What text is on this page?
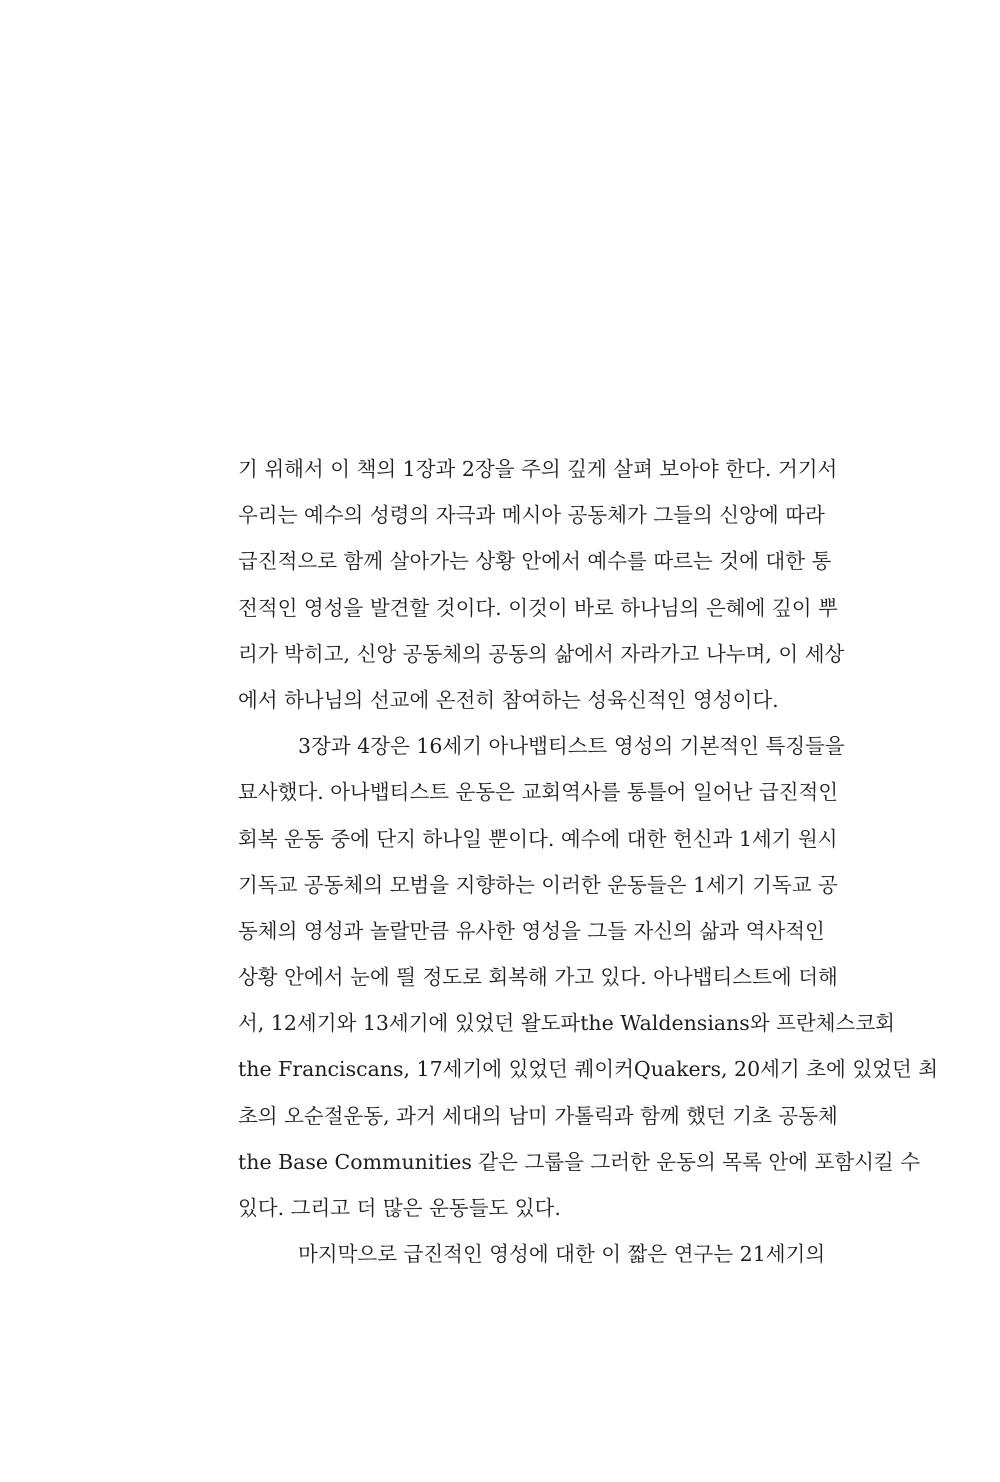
기 위해서 이 책의 1장과 2장을 주의 깊게 살펴 보아야 한다. 거기서
우리는 예수의 성령의 자극과 메시아 공동체가 그들의 신앙에 따라
급진적으로 함께 살아가는 상황 안에서 예수를 따르는 것에 대한 통
전적인 영성을 발견할 것이다. 이것이 바로 하나님의 은혜에 깊이 뿌
리가 박히고, 신앙 공동체의 공동의 삶에서 자라가고 나누며, 이 세상
에서 하나님의 선교에 온전히 참여하는 성육신적인 영성이다.
3장과 4장은 16세기 아나뱁티스트 영성의 기본적인 특징들을
묘사했다. 아나뱁티스트 운동은 교회역사를 통틀어 일어난 급진적인
회복 운동 중에 단지 하나일 뿐이다. 예수에 대한 헌신과 1세기 원시
기독교 공동체의 모범을 지향하는 이러한 운동들은 1세기 기독교 공
동체의 영성과 놀랄만큼 유사한 영성을 그들 자신의 삶과 역사적인
상황 안에서 눈에 띌 정도로 회복해 가고 있다. 아나뱁티스트에 더해
서, 12세기와 13세기에 있었던 왈도파the Waldensians와 프란체스코회
the Franciscans, 17세기에 있었던 퀘이커Quakers, 20세기 초에 있었던 최
초의 오순절운동, 과거 세대의 남미 가톨릭과 함께 했던 기초 공동체
the Base Communities 같은 그룹을 그러한 운동의 목록 안에 포함시킬 수
있다. 그리고 더 많은 운동들도 있다.
마지막으로 급진적인 영성에 대한 이 짧은 연구는 21세기의
